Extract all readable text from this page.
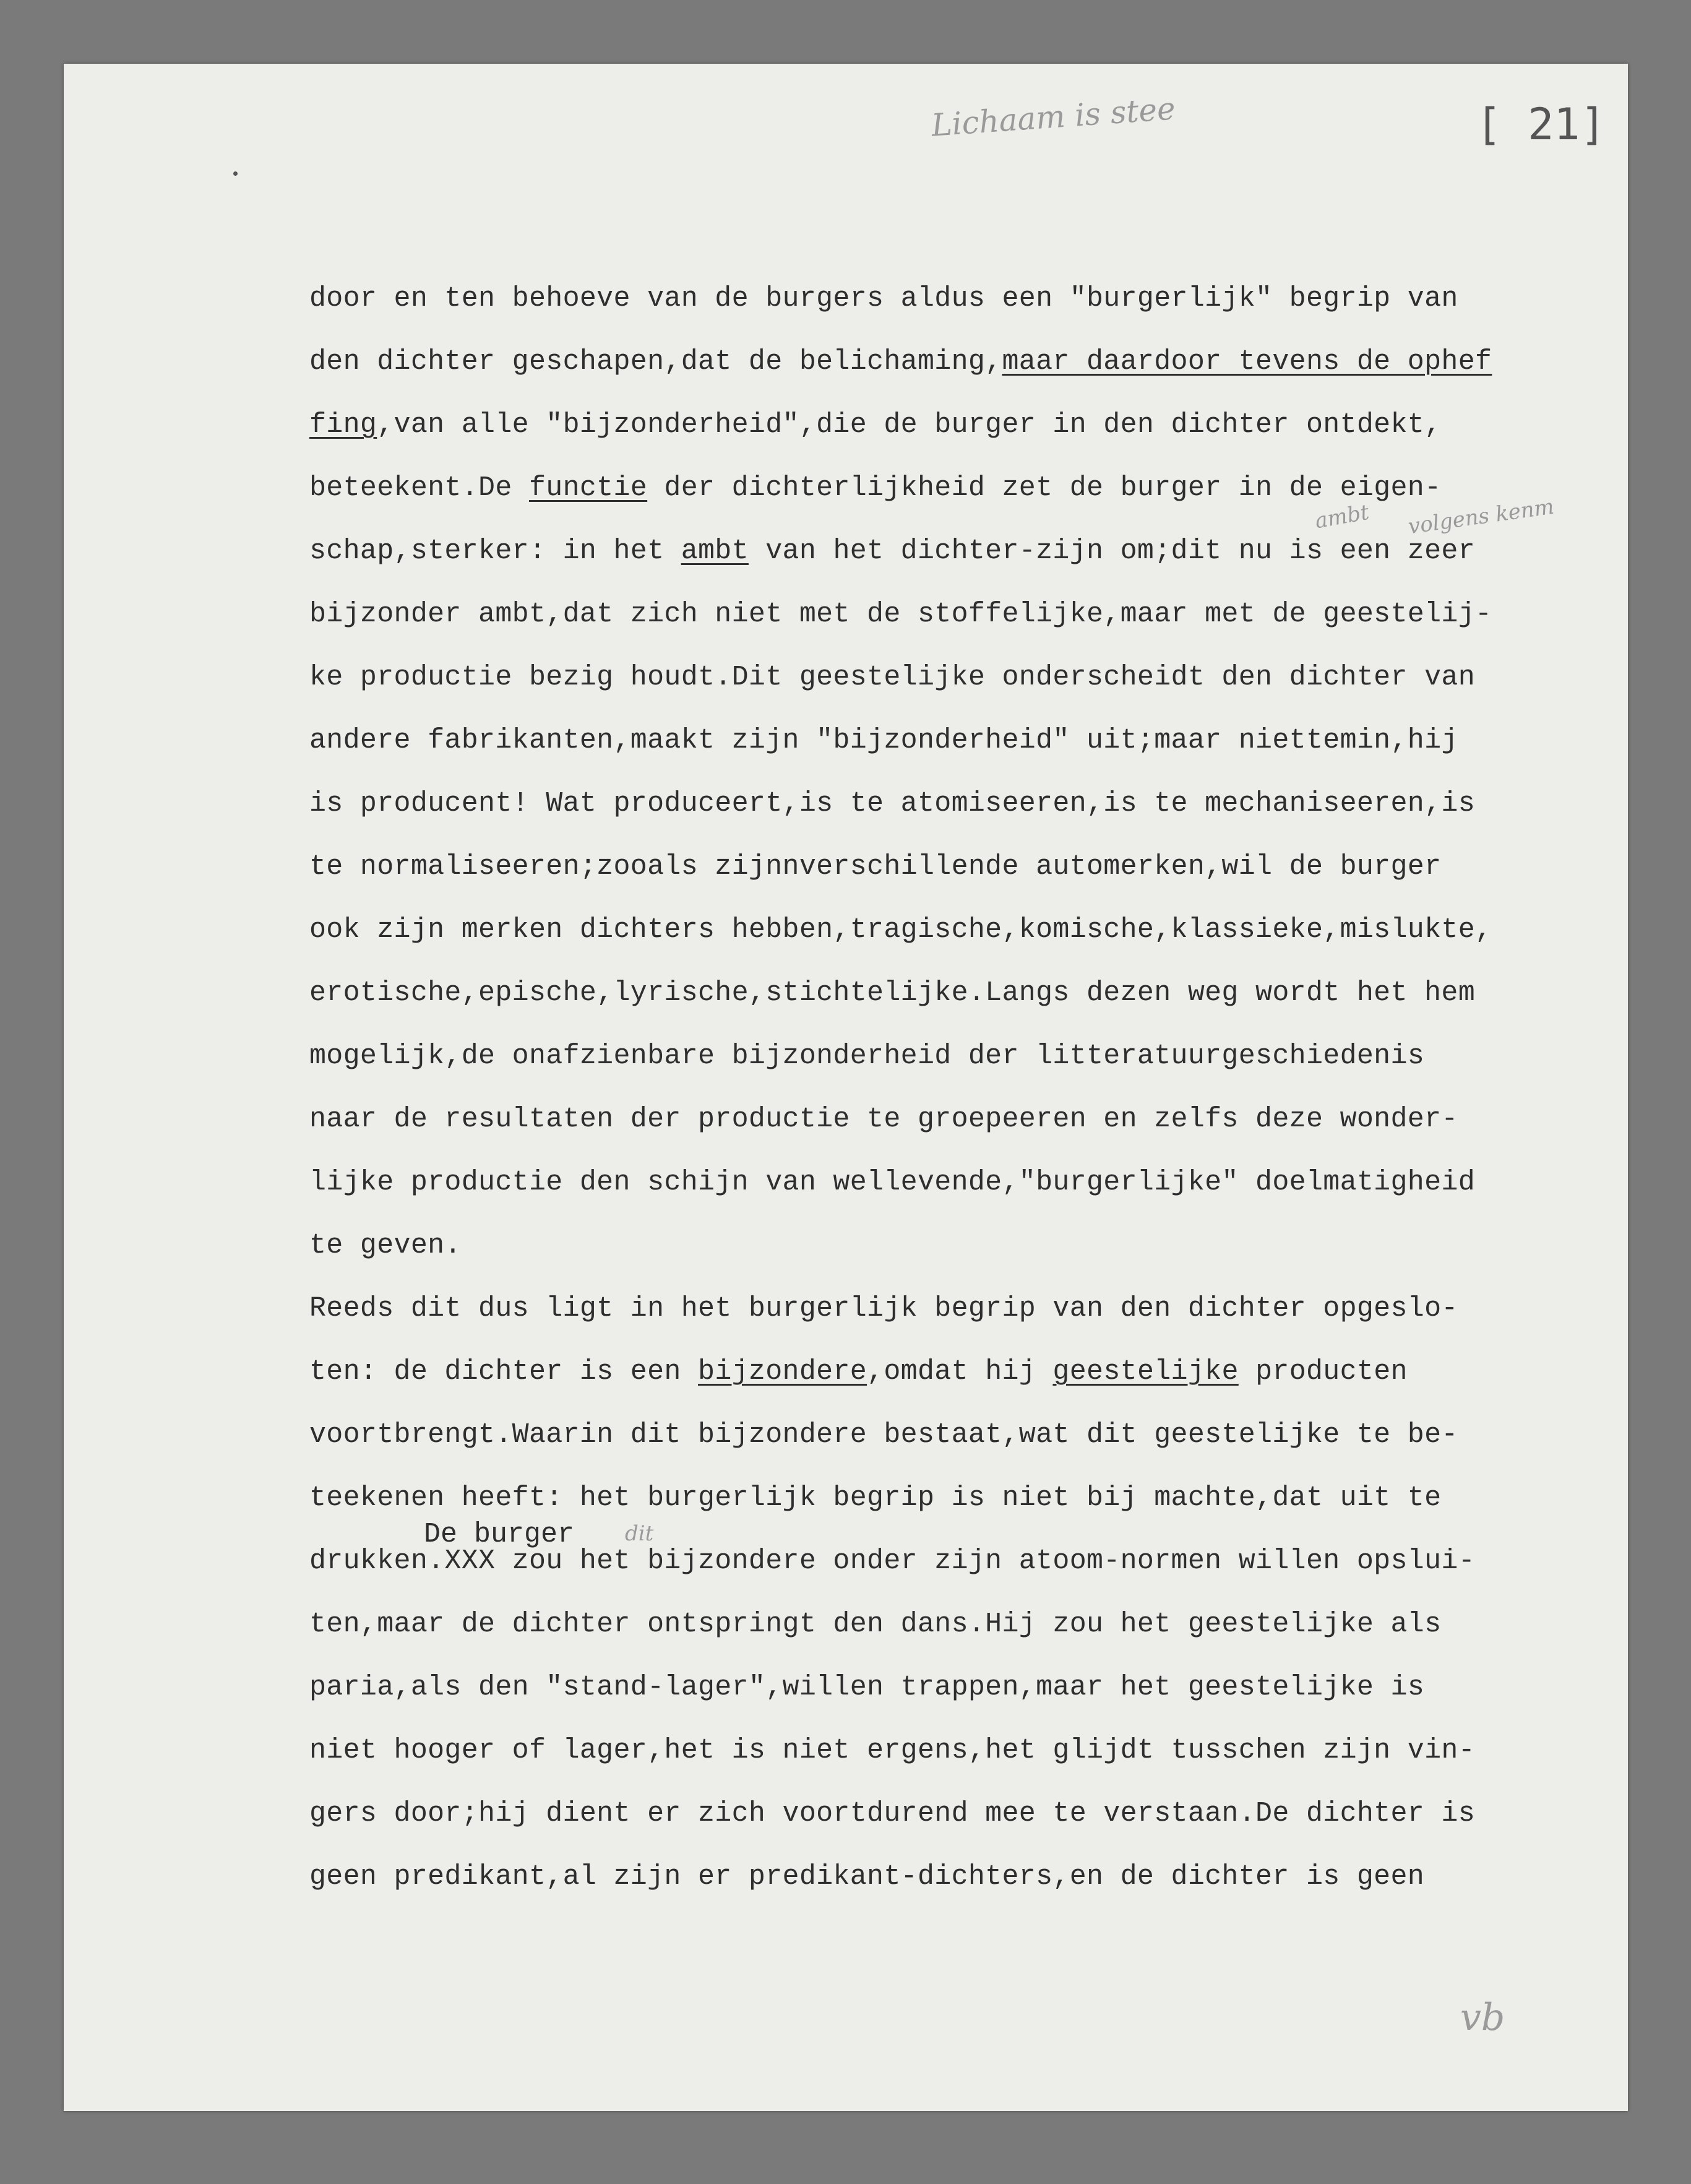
[ 21]
Lichaam is stee
ambt volgens kenm
De burger dit
door en ten behoeve van de burgers aldus een "burgerlijk" begrip van
den dichter geschapen,dat de belichaming,maar daardoor tevens de ophef
fing,van alle "bijzonderheid",die de burger in den dichter ontdekt,
beteekent.De functie der dichterlijkheid zet de burger in de eigen-
schap,sterker: in het ambt van het dichter-zijn om;dit nu is een zeer
bijzonder ambt,dat zich niet met de stoffelijke,maar met de geestelij-
ke productie bezig houdt.Dit geestelijke onderscheidt den dichter van
andere fabrikanten,maakt zijn "bijzonderheid" uit;maar niettemin,hij
is producent! Wat produceert,is te atomiseeren,is te mechaniseeren,is
te normaliseeren;zooals zijnnverschillende automerken,wil de burger
ook zijn merken dichters hebben,tragische,komische,klassieke,mislukte,
erotische,epische,lyrische,stichtelijke.Langs dezen weg wordt het hem
mogelijk,de onafzienbare bijzonderheid der litteratuurgeschiedenis
naar de resultaten der productie te groepeeren en zelfs deze wonder-
lijke productie den schijn van wellevende,"burgerlijke" doelmatigheid
te geven.
Reeds dit dus ligt in het burgerlijk begrip van den dichter opgeslo-
ten: de dichter is een bijzondere,omdat hij geestelijke producten
voortbrengt.Waarin dit bijzondere bestaat,wat dit geestelijke te be-
teekenen heeft: het burgerlijk begrip is niet bij machte,dat uit te
drukken.XXX zou het bijzondere onder zijn atoom-normen willen opslui-
ten,maar de dichter ontspringt den dans.Hij zou het geestelijke als
paria,als den "stand-lager",willen trappen,maar het geestelijke is
niet hooger of lager,het is niet ergens,het glijdt tusschen zijn vin-
gers door;hij dient er zich voortdurend mee te verstaan.De dichter is
geen predikant,al zijn er predikant-dichters,en de dichter is geen
vb
